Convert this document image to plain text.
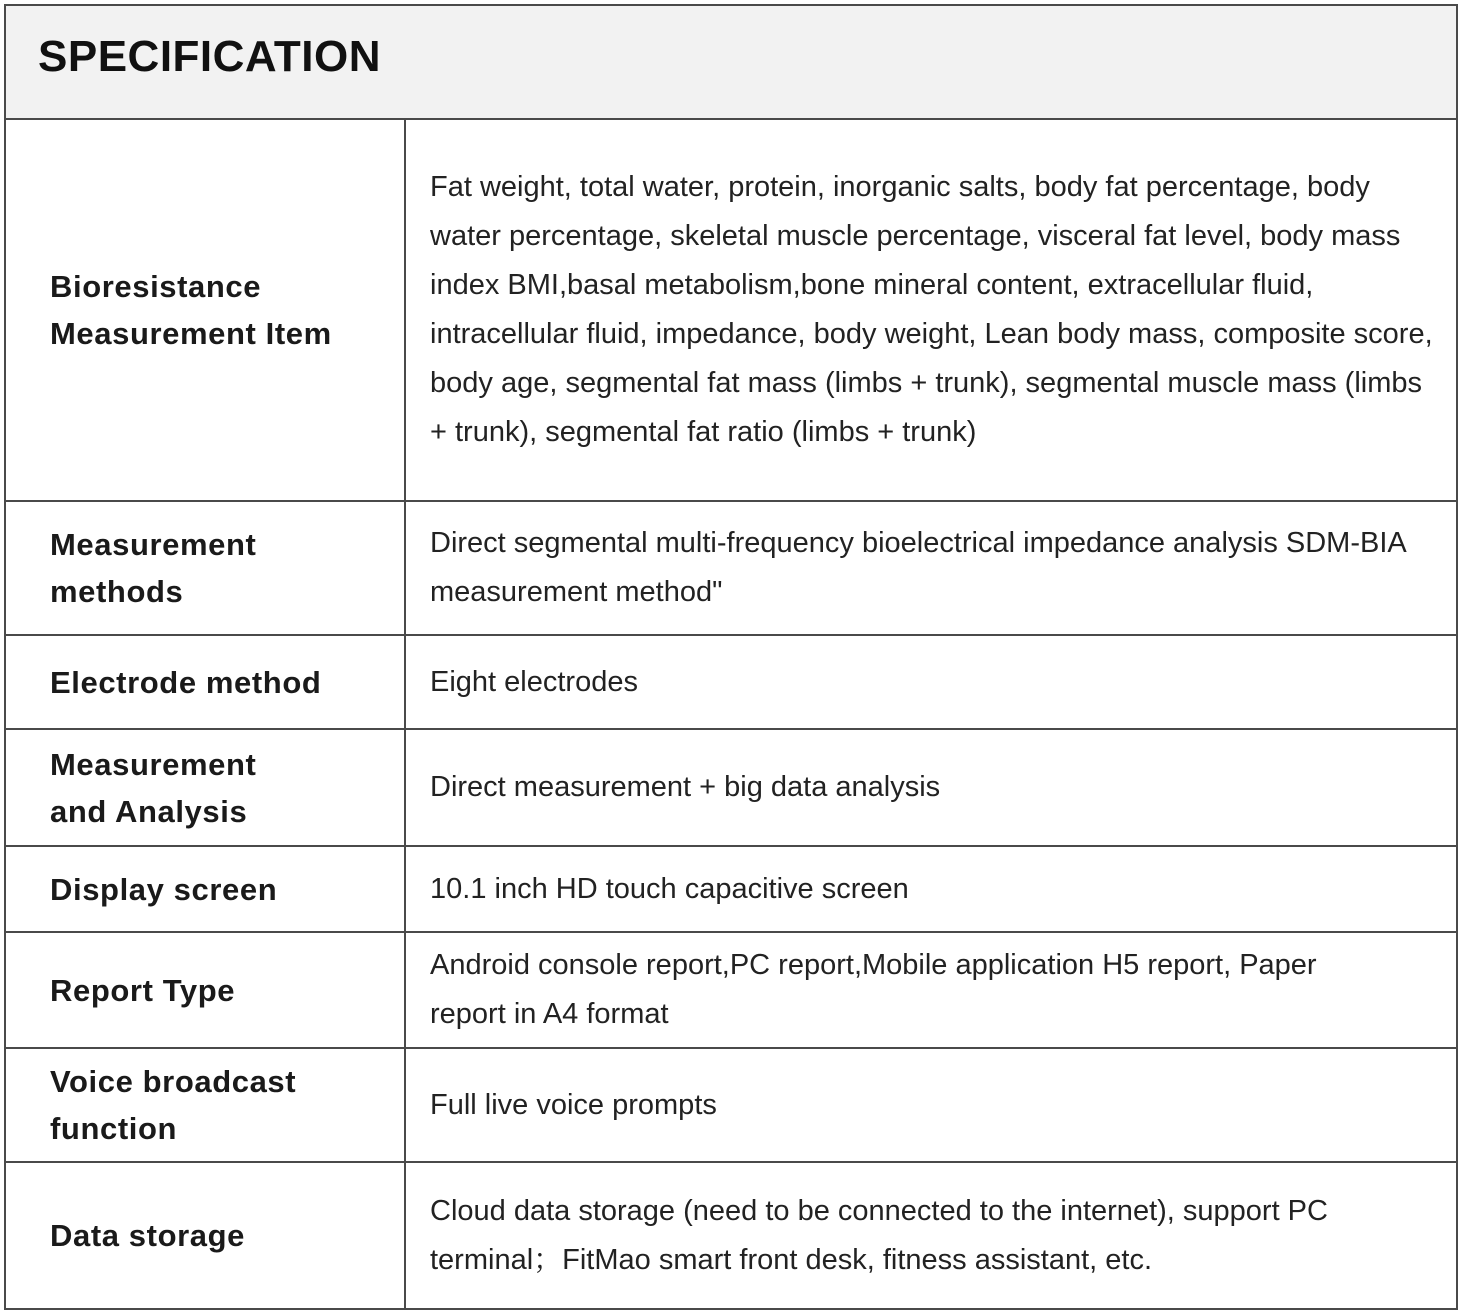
SPECIFICATION
Bioresistance Measurement Item
Fat weight, total water, protein, inorganic salts, body fat percentage, body water percentage, skeletal muscle percentage, visceral fat level, body mass index BMI,basal metabolism,bone mineral content, extracellular fluid, intracellular fluid, impedance, body weight, Lean body mass, composite score, body age, segmental fat mass (limbs + trunk), segmental muscle mass (limbs + trunk), segmental fat ratio (limbs + trunk)
Measurement methods
Direct segmental multi-frequency bioelectrical impedance analysis SDM-BIA measurement method"
Electrode method	Eight electrodes
Measurement and Analysis
Direct measurement + big data analysis
Display screen	10.1 inch HD touch capacitive screen
Report Type
Android console report,PC report,Mobile application H5 report, Paper report in A4 format
Voice broadcast function
Full live voice prompts
Data storage
Cloud data storage (need to be connected to the internet), support PC terminal；FitMao smart front desk, fitness assistant, etc.
